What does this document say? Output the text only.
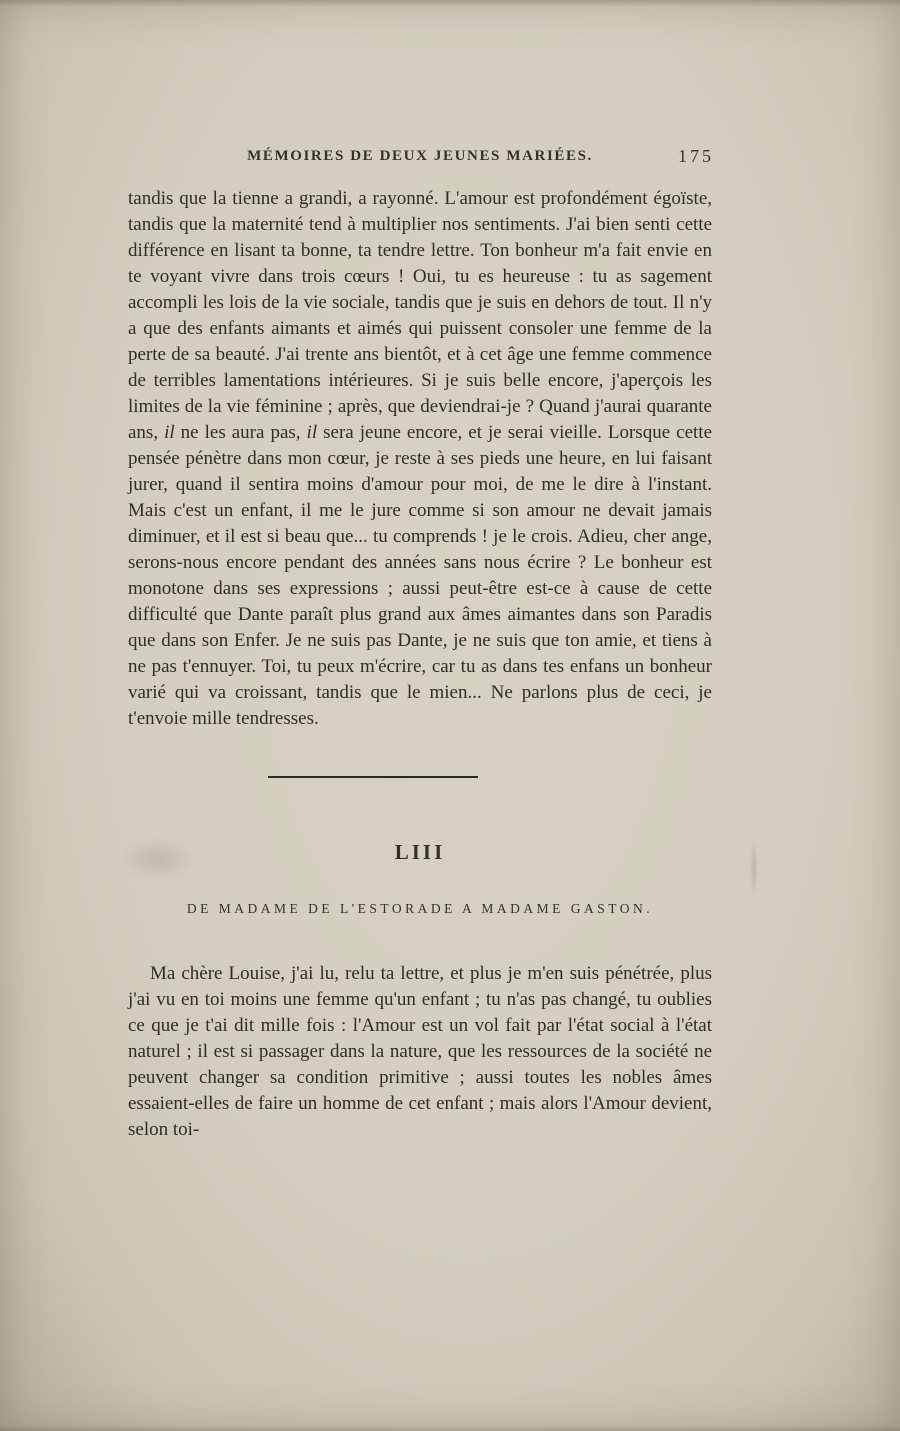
MÉMOIRES DE DEUX JEUNES MARIÉES.	175

tandis que la tienne a grandi, a rayonné. L'amour est profondément égoïste, tandis que la maternité tend à multiplier nos sentiments. J'ai bien senti cette différence en lisant ta bonne, ta tendre lettre. Ton bonheur m'a fait envie en te voyant vivre dans trois cœurs ! Oui, tu es heureuse : tu as sagement accompli les lois de la vie sociale, tandis que je suis en dehors de tout. Il n'y a que des enfants aimants et aimés qui puissent consoler une femme de la perte de sa beauté. J'ai trente ans bientôt, et à cet âge une femme commence de terribles lamentations intérieures. Si je suis belle encore, j'aperçois les limites de la vie féminine ; après, que deviendrai-je ? Quand j'aurai quarante ans, il ne les aura pas, il sera jeune encore, et je serai vieille. Lorsque cette pensée pénètre dans mon cœur, je reste à ses pieds une heure, en lui faisant jurer, quand il sentira moins d'amour pour moi, de me le dire à l'instant. Mais c'est un enfant, il me le jure comme si son amour ne devait jamais diminuer, et il est si beau que... tu comprends ! je le crois. Adieu, cher ange, serons-nous encore pendant des années sans nous écrire ? Le bonheur est monotone dans ses expressions ; aussi peut-être est-ce à cause de cette difficulté que Dante paraît plus grand aux âmes aimantes dans son Paradis que dans son Enfer. Je ne suis pas Dante, je ne suis que ton amie, et tiens à ne pas t'ennuyer. Toi, tu peux m'écrire, car tu as dans tes enfans un bonheur varié qui va croissant, tandis que le mien... Ne parlons plus de ceci, je t'envoie mille tendresses.

LIII
DE MADAME DE L'ESTORADE A MADAME GASTON.

Ma chère Louise, j'ai lu, relu ta lettre, et plus je m'en suis pénétrée, plus j'ai vu en toi moins une femme qu'un enfant ; tu n'as pas changé, tu oublies ce que je t'ai dit mille fois : l'Amour est un vol fait par l'état social à l'état naturel ; il est si passager dans la nature, que les ressources de la société ne peuvent changer sa condition primitive ; aussi toutes les nobles âmes essaient-elles de faire un homme de cet enfant ; mais alors l'Amour devient, selon toi-
